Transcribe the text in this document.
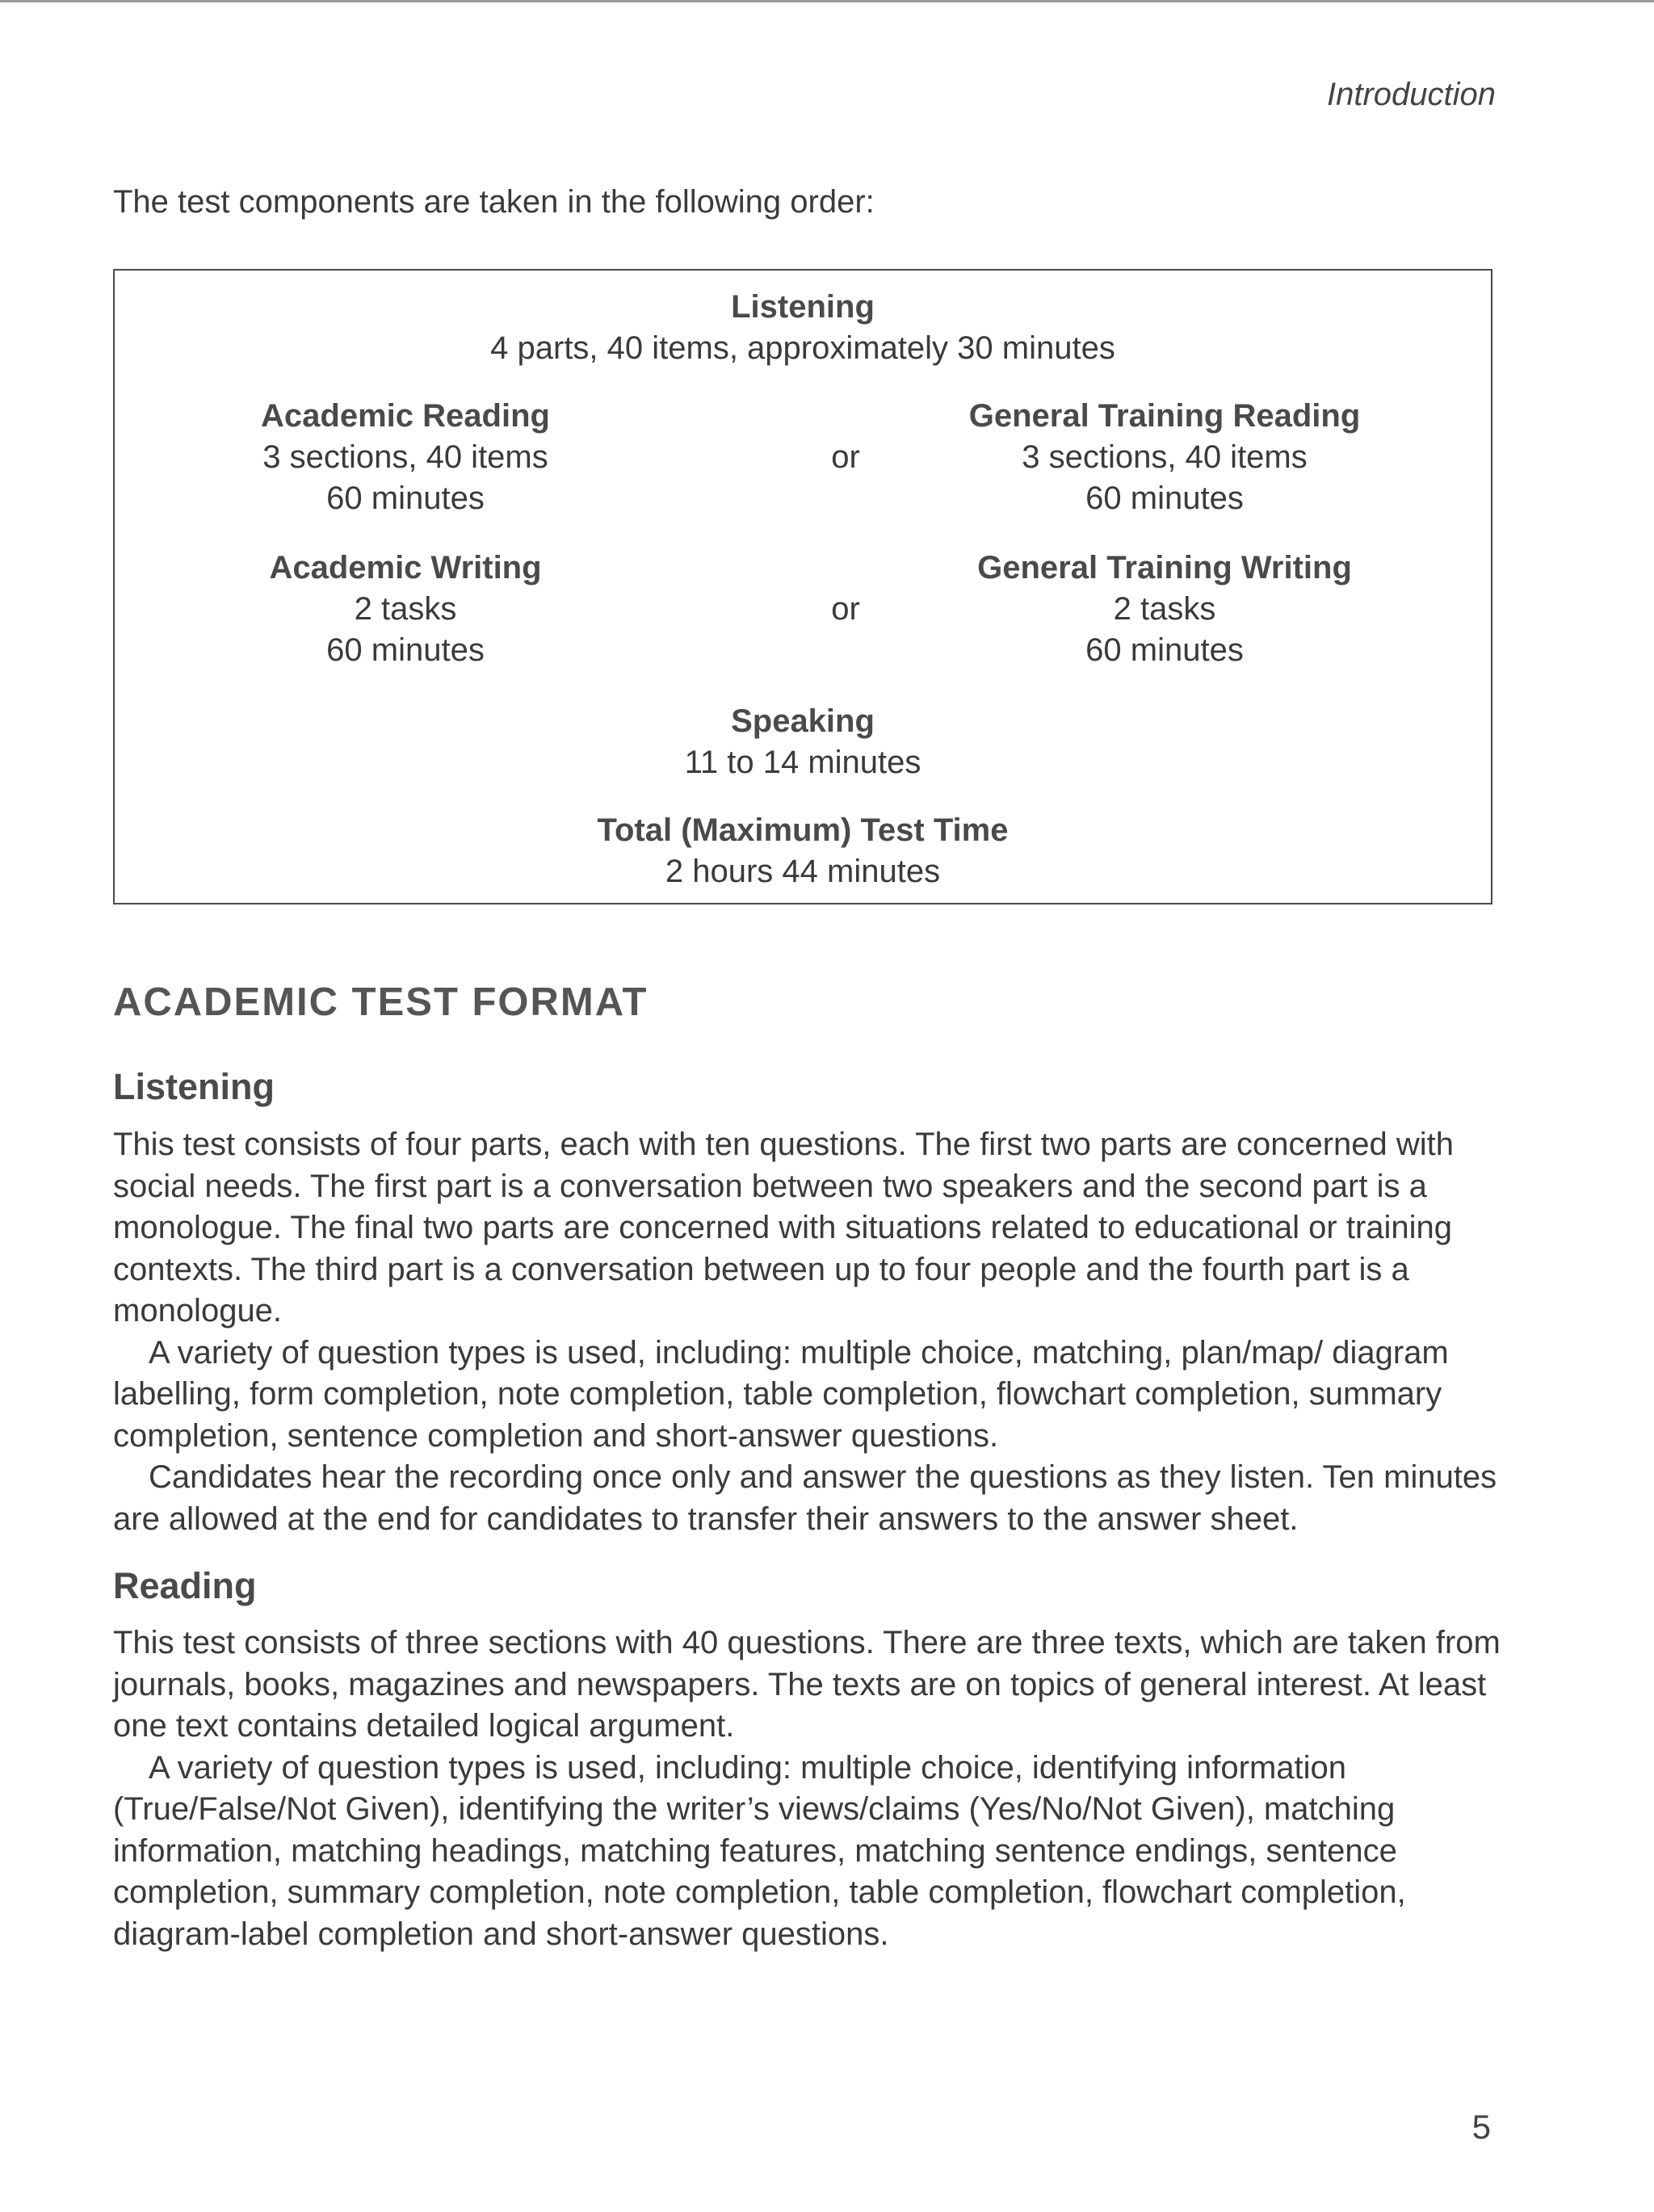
Introduction
The test components are taken in the following order:
Listening
4 parts, 40 items, approximately 30 minutes
Academic Reading
3 sections, 40 items
60 minutes
or
General Training Reading
3 sections, 40 items
60 minutes
Academic Writing
2 tasks
60 minutes
or
General Training Writing
2 tasks
60 minutes
Speaking
11 to 14 minutes
Total (Maximum) Test Time
2 hours 44 minutes
ACADEMIC TEST FORMAT
Listening

This test consists of four parts, each with ten questions. The first two parts are concerned with social needs. The first part is a conversation between two speakers and the second part is a monologue. The final two parts are concerned with situations related to educational or training contexts. The third part is a conversation between up to four people and the fourth part is a monologue.

A variety of question types is used, including: multiple choice, matching, plan/map/ diagram labelling, form completion, note completion, table completion, flowchart completion, summary completion, sentence completion and short-answer questions.

Candidates hear the recording once only and answer the questions as they listen. Ten minutes are allowed at the end for candidates to transfer their answers to the answer sheet.

Reading

This test consists of three sections with 40 questions. There are three texts, which are taken from journals, books, magazines and newspapers. The texts are on topics of general interest. At least one text contains detailed logical argument.

A variety of question types is used, including: multiple choice, identifying information (True/False/Not Given), identifying the writer’s views/claims (Yes/No/Not Given), matching information, matching headings, matching features, matching sentence endings, sentence completion, summary completion, note completion, table completion, flowchart completion, diagram-label completion and short-answer questions.

5
